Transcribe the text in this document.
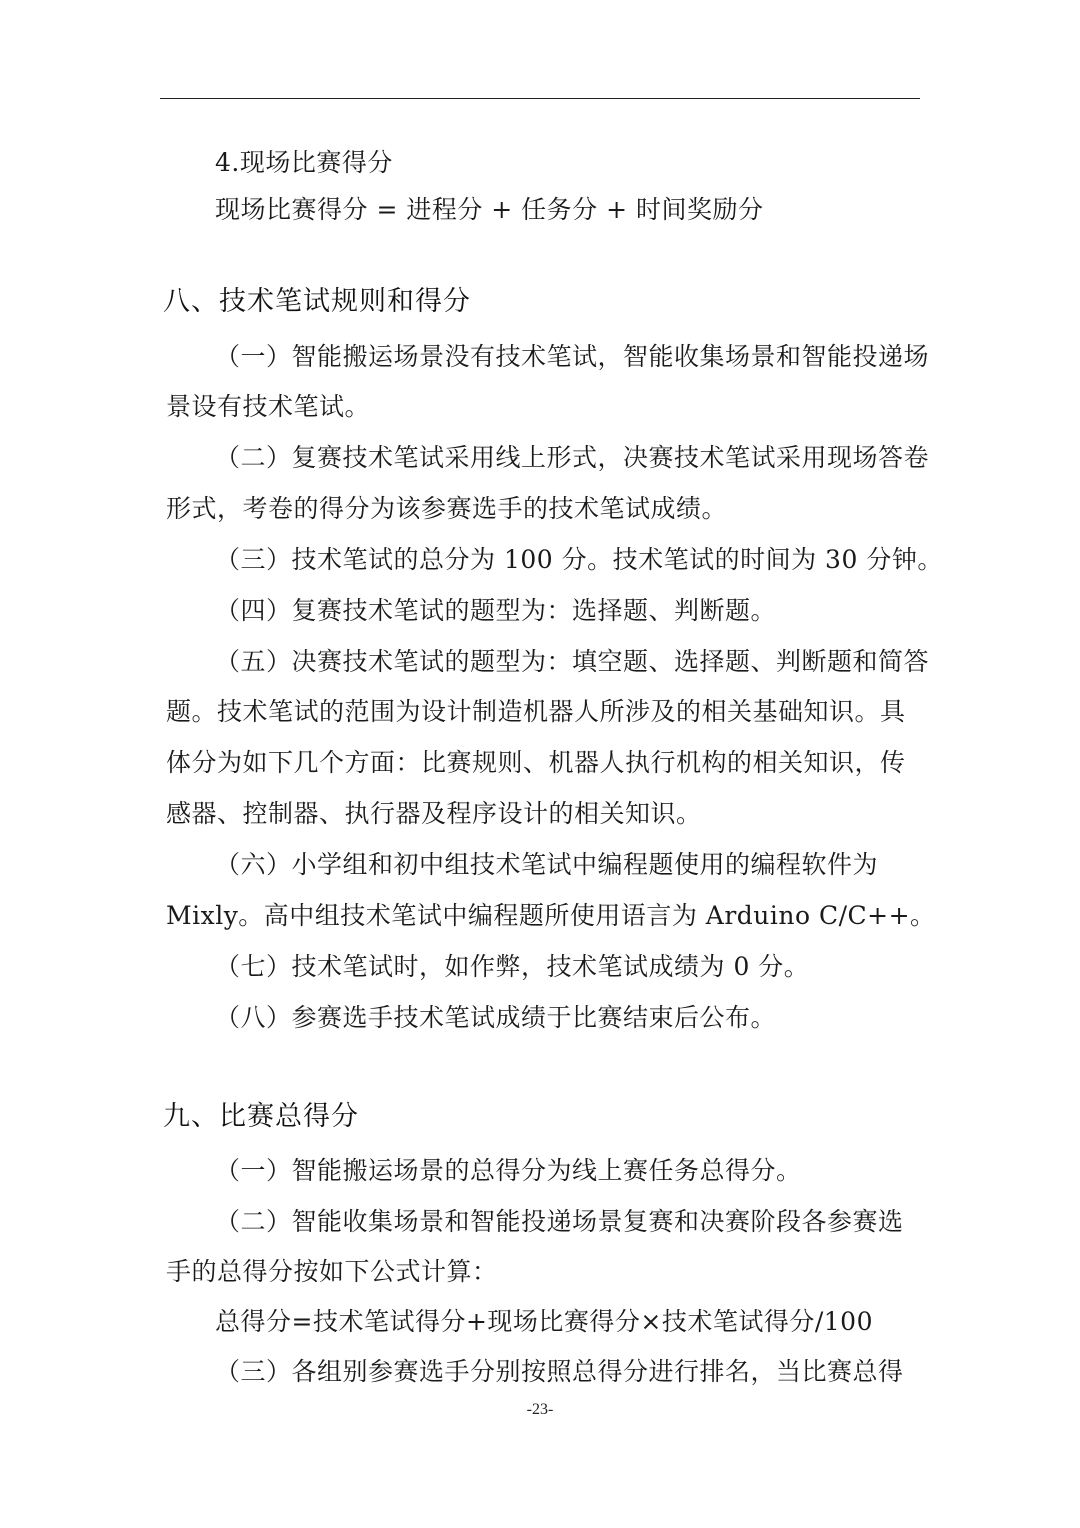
4.现场比赛得分
现场比赛得分 = 进程分 + 任务分 + 时间奖励分
八、技术笔试规则和得分
（一）智能搬运场景没有技术笔试，智能收集场景和智能投递场
景设有技术笔试。
（二）复赛技术笔试采用线上形式，决赛技术笔试采用现场答卷
形式，考卷的得分为该参赛选手的技术笔试成绩。
（三）技术笔试的总分为 100 分。技术笔试的时间为 30 分钟。
（四）复赛技术笔试的题型为：选择题、判断题。
（五）决赛技术笔试的题型为：填空题、选择题、判断题和简答
题。技术笔试的范围为设计制造机器人所涉及的相关基础知识。具
体分为如下几个方面：比赛规则、机器人执行机构的相关知识，传
感器、控制器、执行器及程序设计的相关知识。
（六）小学组和初中组技术笔试中编程题使用的编程软件为
Mixly。高中组技术笔试中编程题所使用语言为 Arduino C/C++。
（七）技术笔试时，如作弊，技术笔试成绩为 0 分。
（八）参赛选手技术笔试成绩于比赛结束后公布。
九、比赛总得分
（一）智能搬运场景的总得分为线上赛任务总得分。
（二）智能收集场景和智能投递场景复赛和决赛阶段各参赛选
手的总得分按如下公式计算：
总得分=技术笔试得分+现场比赛得分×技术笔试得分/100
（三）各组别参赛选手分别按照总得分进行排名，当比赛总得
-23-
